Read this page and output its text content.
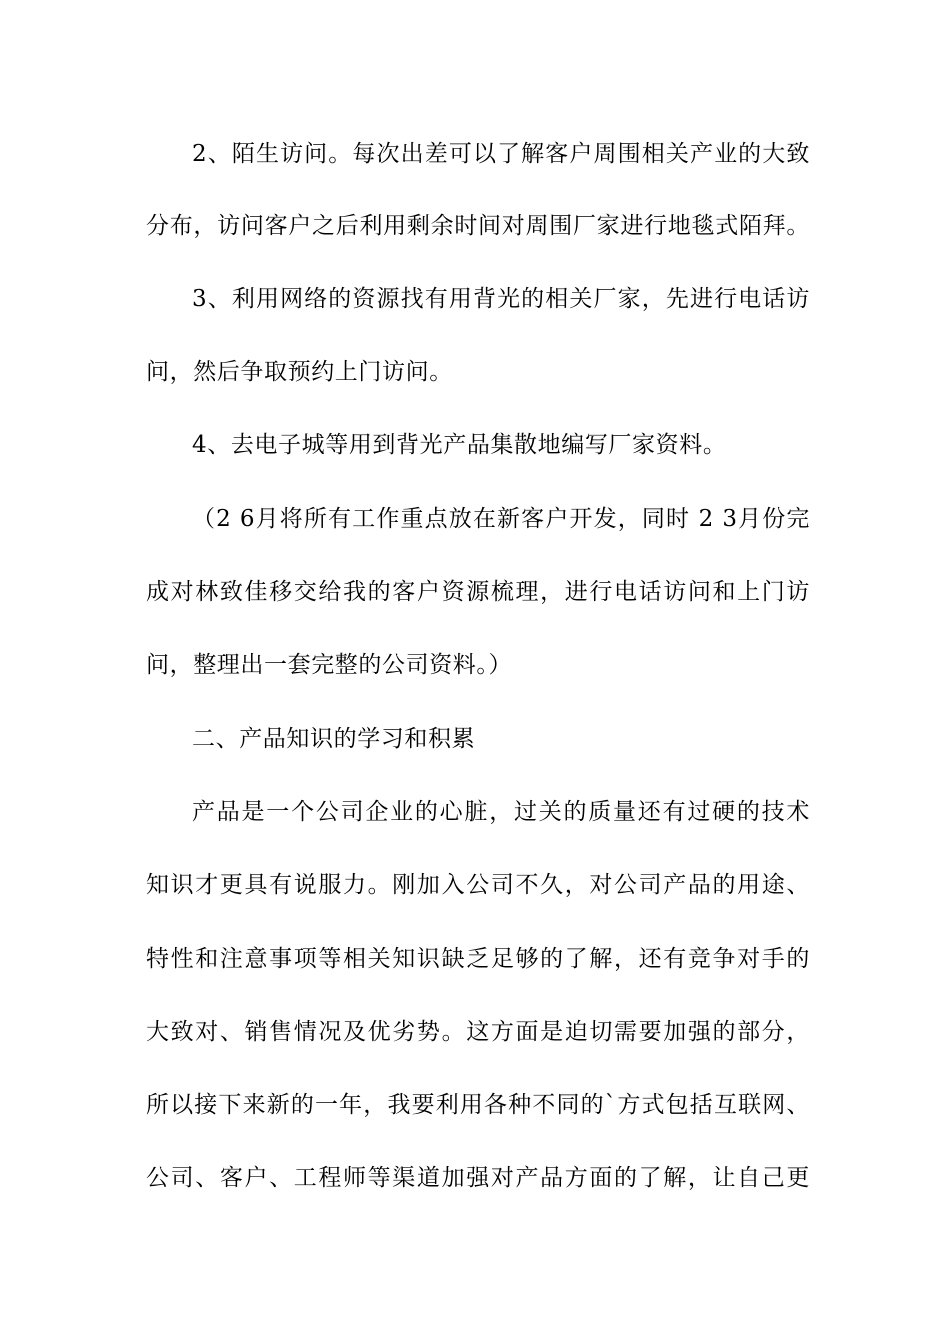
2、陌生访问。每次出差可以了解客户周围相关产业的大致

分布，访问客户之后利用剩余时间对周围厂家进行地毯式陌拜。

3、利用网络的资源找有用背光的相关厂家，先进行电话访

问，然后争取预约上门访问。

4、去电子城等用到背光产品集散地编写厂家资料。

（2 6月将所有工作重点放在新客户开发，同时 2 3月份完

成对林致佳移交给我的客户资源梳理，进行电话访问和上门访

问，整理出一套完整的公司资料。）

二、产品知识的学习和积累

产品是一个公司企业的心脏，过关的质量还有过硬的技术

知识才更具有说服力。刚加入公司不久，对公司产品的用途、

特性和注意事项等相关知识缺乏足够的了解，还有竞争对手的

大致对、销售情况及优劣势。这方面是迫切需要加强的部分，

所以接下来新的一年，我要利用各种不同的`方式包括互联网、

公司、客户、工程师等渠道加强对产品方面的了解，让自己更
